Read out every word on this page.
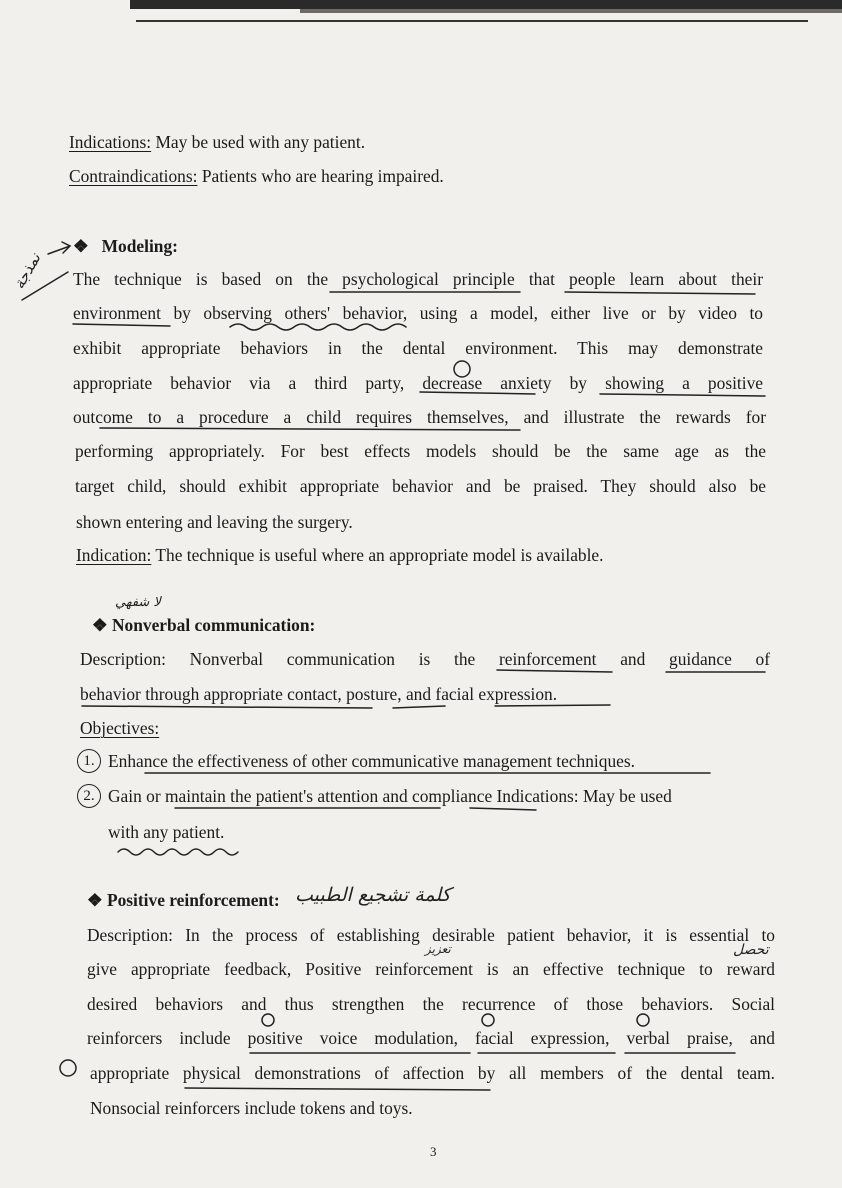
Indications: May be used with any patient.
Contraindications: Patients who are hearing impaired.
❖ Modeling:
The technique is based on the psychological principle that people learn about their
environment by observing others' behavior, using a model, either live or by video to
exhibit appropriate behaviors in the dental environment. This may demonstrate
appropriate behavior via a third party, decrease anxiety by showing a positive
outcome to a procedure a child requires themselves, and illustrate the rewards for
performing appropriately. For best effects models should be the same age as the
target child, should exhibit appropriate behavior and be praised. They should also be
shown entering and leaving the surgery.
Indication: The technique is useful where an appropriate model is available.
❖ Nonverbal communication:
Description: Nonverbal communication is the reinforcement and guidance of
behavior through appropriate contact, posture, and facial expression.
Objectives:
1. Enhance the effectiveness of other communicative management techniques.
2. Gain or maintain the patient's attention and compliance Indications: May be used
with any patient.
❖ Positive reinforcement:
Description: In the process of establishing desirable patient behavior, it is essential to
give appropriate feedback, Positive reinforcement is an effective technique to reward
desired behaviors and thus strengthen the recurrence of those behaviors. Social
reinforcers include positive voice modulation, facial expression, verbal praise, and
appropriate physical demonstrations of affection by all members of the dental team.
Nonsocial reinforcers include tokens and toys.
3
نمذجة
لا شفهي
كلمة تشجيع الطبيب
تعزيز	تحصل
